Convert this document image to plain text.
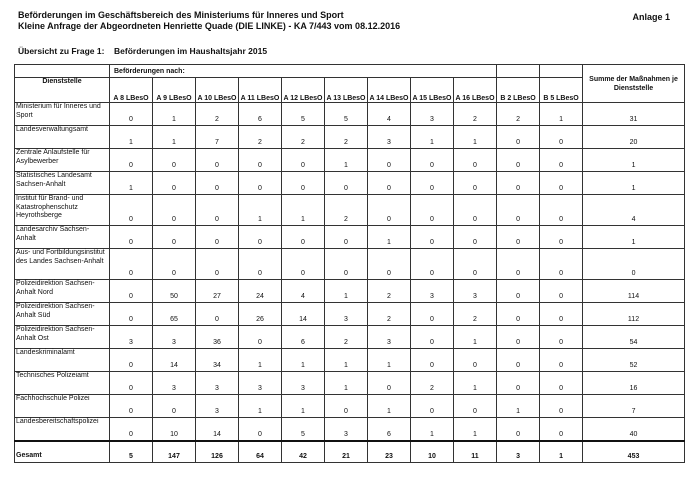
Beförderungen im Geschäftsbereich des Ministeriums für Inneres und Sport
Kleine Anfrage der Abgeordneten Henriette Quade (DIE LINKE) - KA 7/443 vom 08.12.2016
Anlage 1
Übersicht zu Frage 1: Beförderungen im Haushaltsjahr 2015
	Beförderungen nach:											Summe der Maßnahmen je Dienststelle
Dienststelle	A 8 LBesO	A 9 LBesO	A 10 LBesO	A 11 LBesO	A 12 LBesO	A 13 LBesO	A 14 LBesO	A 15 LBesO	A 16 LBesO	B 2 LBesO	B 5 LBesO	
Ministerium für Inneres und Sport	0	1	2	6	5	5	4	3	2	2	1	31
Landesverwaltungsamt	1	1	7	2	2	2	3	1	1	0	0	20
Zentrale Anlaufstelle für Asylbewerber	0	0	0	0	0	1	0	0	0	0	0	1
Statistisches Landesamt Sachsen-Anhalt	1	0	0	0	0	0	0	0	0	0	0	1
Institut für Brand- und Katastrophenschutz Heyrothsberge	0	0	0	1	1	2	0	0	0	0	0	4
Landesarchiv Sachsen-Anhalt	0	0	0	0	0	0	1	0	0	0	0	1
Aus- und Fortbildungsinstitut des Landes Sachsen-Anhalt	0	0	0	0	0	0	0	0	0	0	0	0
Polizeidirektion Sachsen-Anhalt Nord	0	50	27	24	4	1	2	3	3	0	0	114
Polizeidirektion Sachsen-Anhalt Süd	0	65	0	26	14	3	2	0	2	0	0	112
Polizeidirektion Sachsen-Anhalt Ost	3	3	36	0	6	2	3	0	1	0	0	54
Landeskriminalamt	0	14	34	1	1	1	1	0	0	0	0	52
Technisches Polizeiamt	0	3	3	3	3	1	0	2	1	0	0	16
Fachhochschule Polizei	0	0	3	1	1	0	1	0	0	1	0	7
Landesbereitschaftspolizei	0	10	14	0	5	3	6	1	1	0	0	40
Gesamt	5	147	126	64	42	21	23	10	11	3	1	453
